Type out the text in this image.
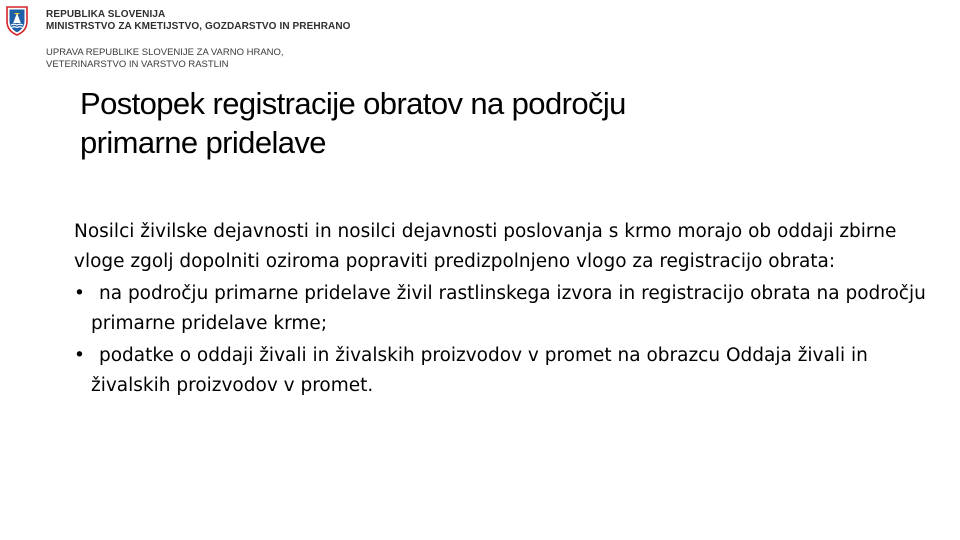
REPUBLIKA SLOVENIJA
MINISTRSTVO ZA KMETIJSTVO, GOZDARSTVO IN PREHRANO
UPRAVA REPUBLIKE SLOVENIJE ZA VARNO HRANO,
VETERINARSTVO IN VARSTVO RASTLIN
Postopek registracije obratov na področju
primarne pridelave

Nosilci živilske dejavnosti in nosilci dejavnosti poslovanja s krmo morajo ob oddaji zbirne vloge zgolj dopolniti oziroma popraviti predizpolnjeno vlogo za registracijo obrata:

• na področju primarne pridelave živil rastlinskega izvora in registracijo obrata na področju primarne pridelave krme;
• podatke o oddaji živali in živalskih proizvodov v promet na obrazcu Oddaja živali in živalskih proizvodov v promet.
